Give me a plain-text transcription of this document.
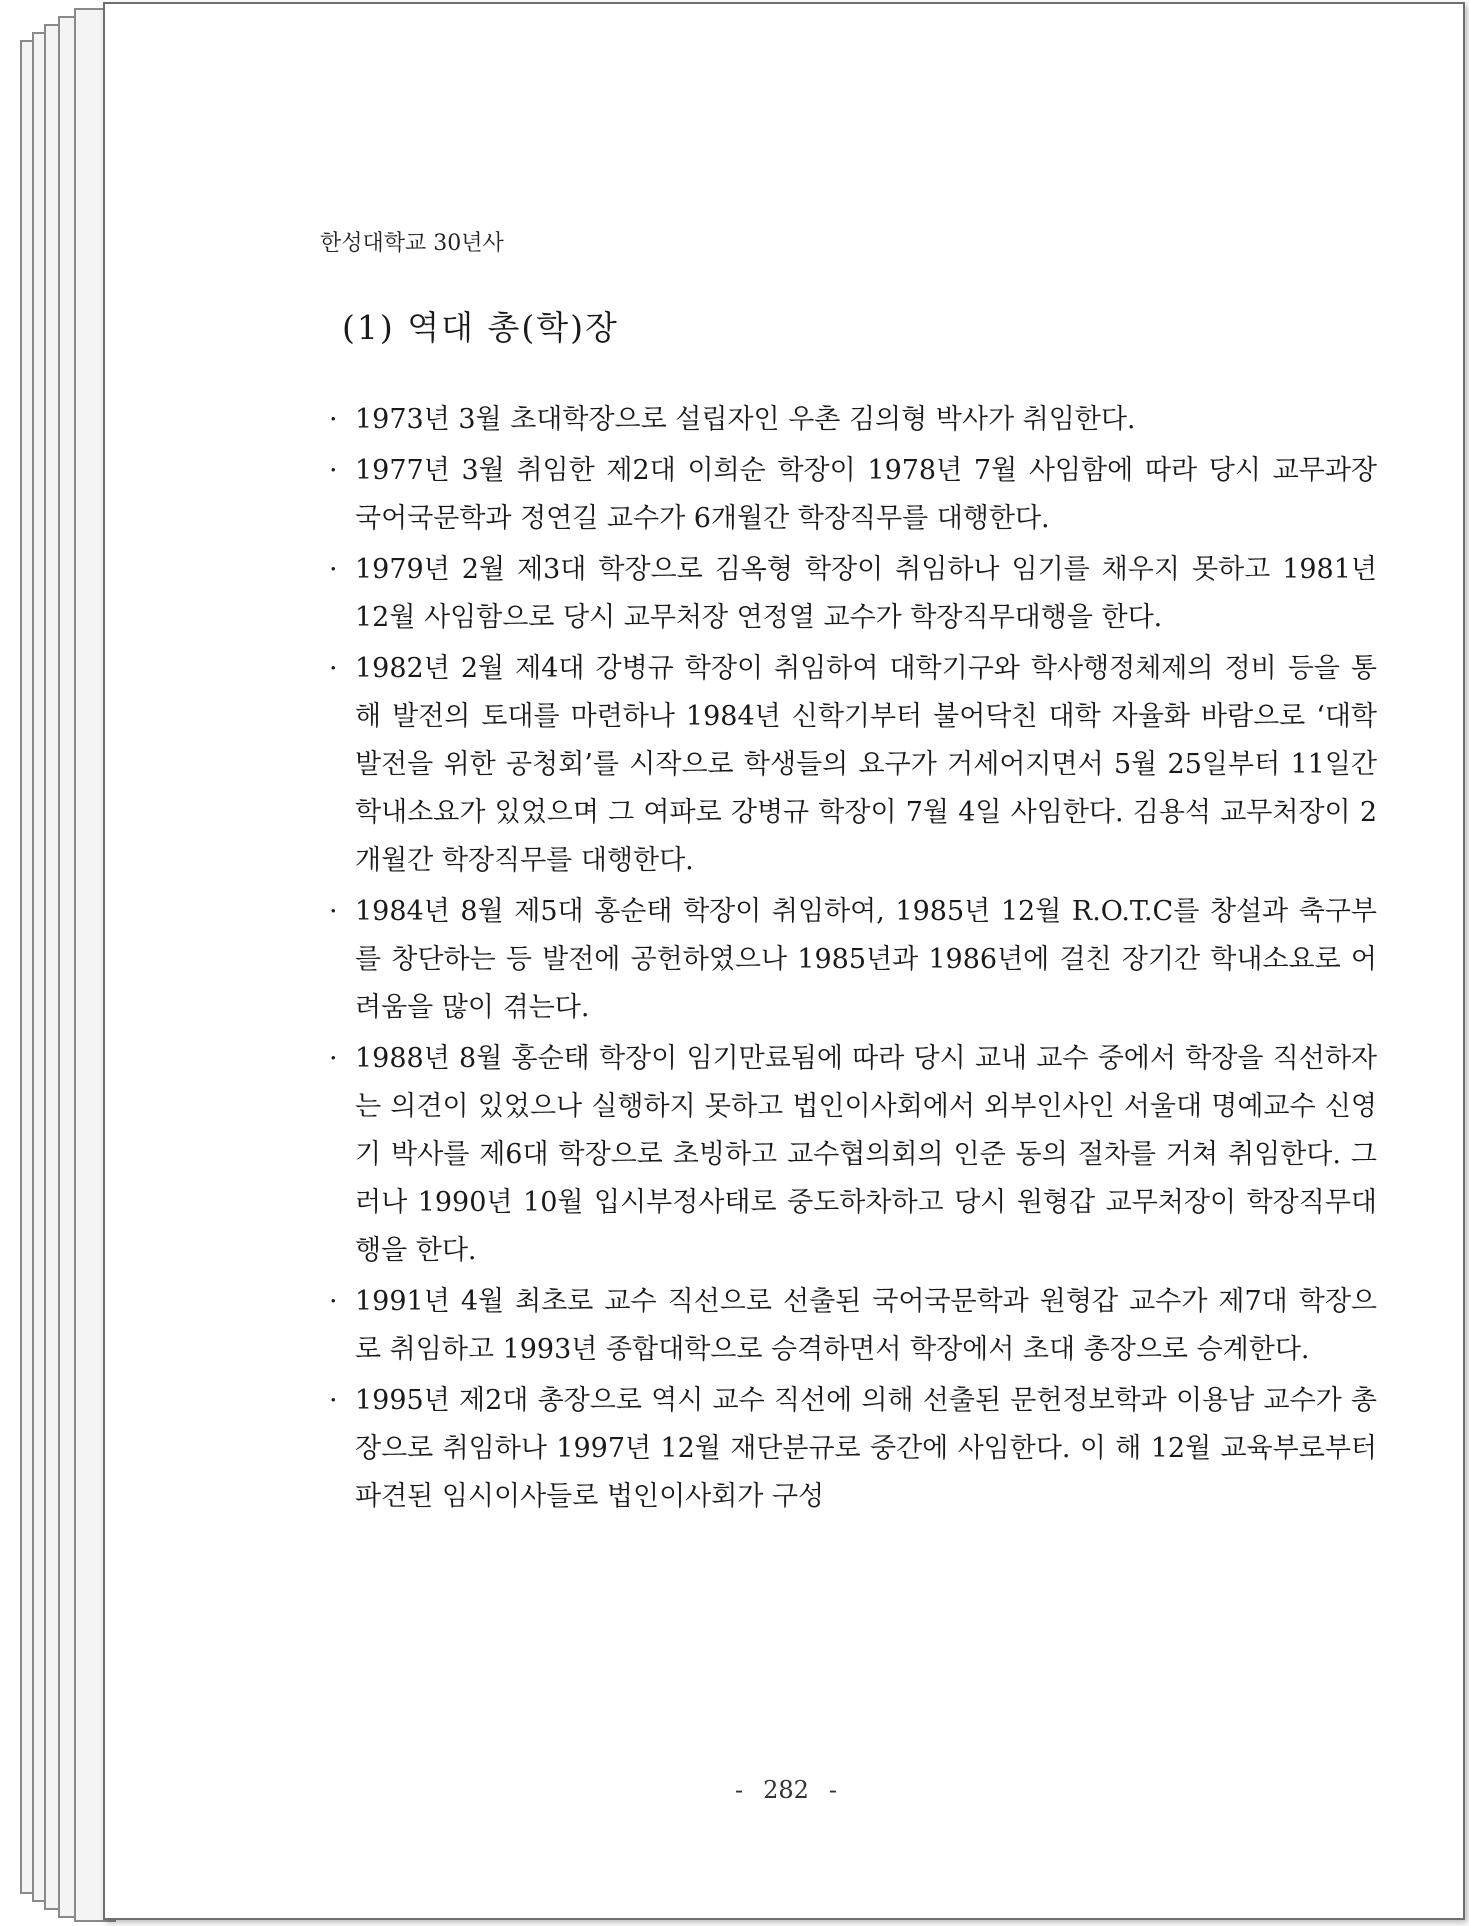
한성대학교 30년사
(1) 역대 총(학)장
· 1973년 3월 초대학장으로 설립자인 우촌 김의형 박사가 취임한다.
· 1977년 3월 취임한 제2대 이희순 학장이 1978년 7월 사임함에 따라 당시 교무과장 국어국문학과 정연길 교수가 6개월간 학장직무를 대행한다.
· 1979년 2월 제3대 학장으로 김옥형 학장이 취임하나 임기를 채우지 못하고 1981년 12월 사임함으로 당시 교무처장 연정열 교수가 학장직무대행을 한다.
· 1982년 2월 제4대 강병규 학장이 취임하여 대학기구와 학사행정체제의 정비 등을 통해 발전의 토대를 마련하나 1984년 신학기부터 불어닥친 대학 자율화 바람으로 ‘대학발전을 위한 공청회’를 시작으로 학생들의 요구가 거세어지면서 5월 25일부터 11일간 학내소요가 있었으며 그 여파로 강병규 학장이 7월 4일 사임한다. 김용석 교무처장이 2개월간 학장직무를 대행한다.
· 1984년 8월 제5대 홍순태 학장이 취임하여, 1985년 12월 R.O.T.C를 창설과 축구부를 창단하는 등 발전에 공헌하였으나 1985년과 1986년에 걸친 장기간 학내소요로 어려움을 많이 겪는다.
· 1988년 8월 홍순태 학장이 임기만료됨에 따라 당시 교내 교수 중에서 학장을 직선하자는 의견이 있었으나 실행하지 못하고 법인이사회에서 외부인사인 서울대 명예교수 신영기 박사를 제6대 학장으로 초빙하고 교수협의회의 인준 동의 절차를 거쳐 취임한다. 그러나 1990년 10월 입시부정사태로 중도하차하고 당시 원형갑 교무처장이 학장직무대행을 한다.
· 1991년 4월 최초로 교수 직선으로 선출된 국어국문학과 원형갑 교수가 제7대 학장으로 취임하고 1993년 종합대학으로 승격하면서 학장에서 초대 총장으로 승계한다.
· 1995년 제2대 총장으로 역시 교수 직선에 의해 선출된 문헌정보학과 이용남 교수가 총장으로 취임하나 1997년 12월 재단분규로 중간에 사임한다. 이 해 12월 교육부로부터 파견된 임시이사들로 법인이사회가 구성
- 282 -
